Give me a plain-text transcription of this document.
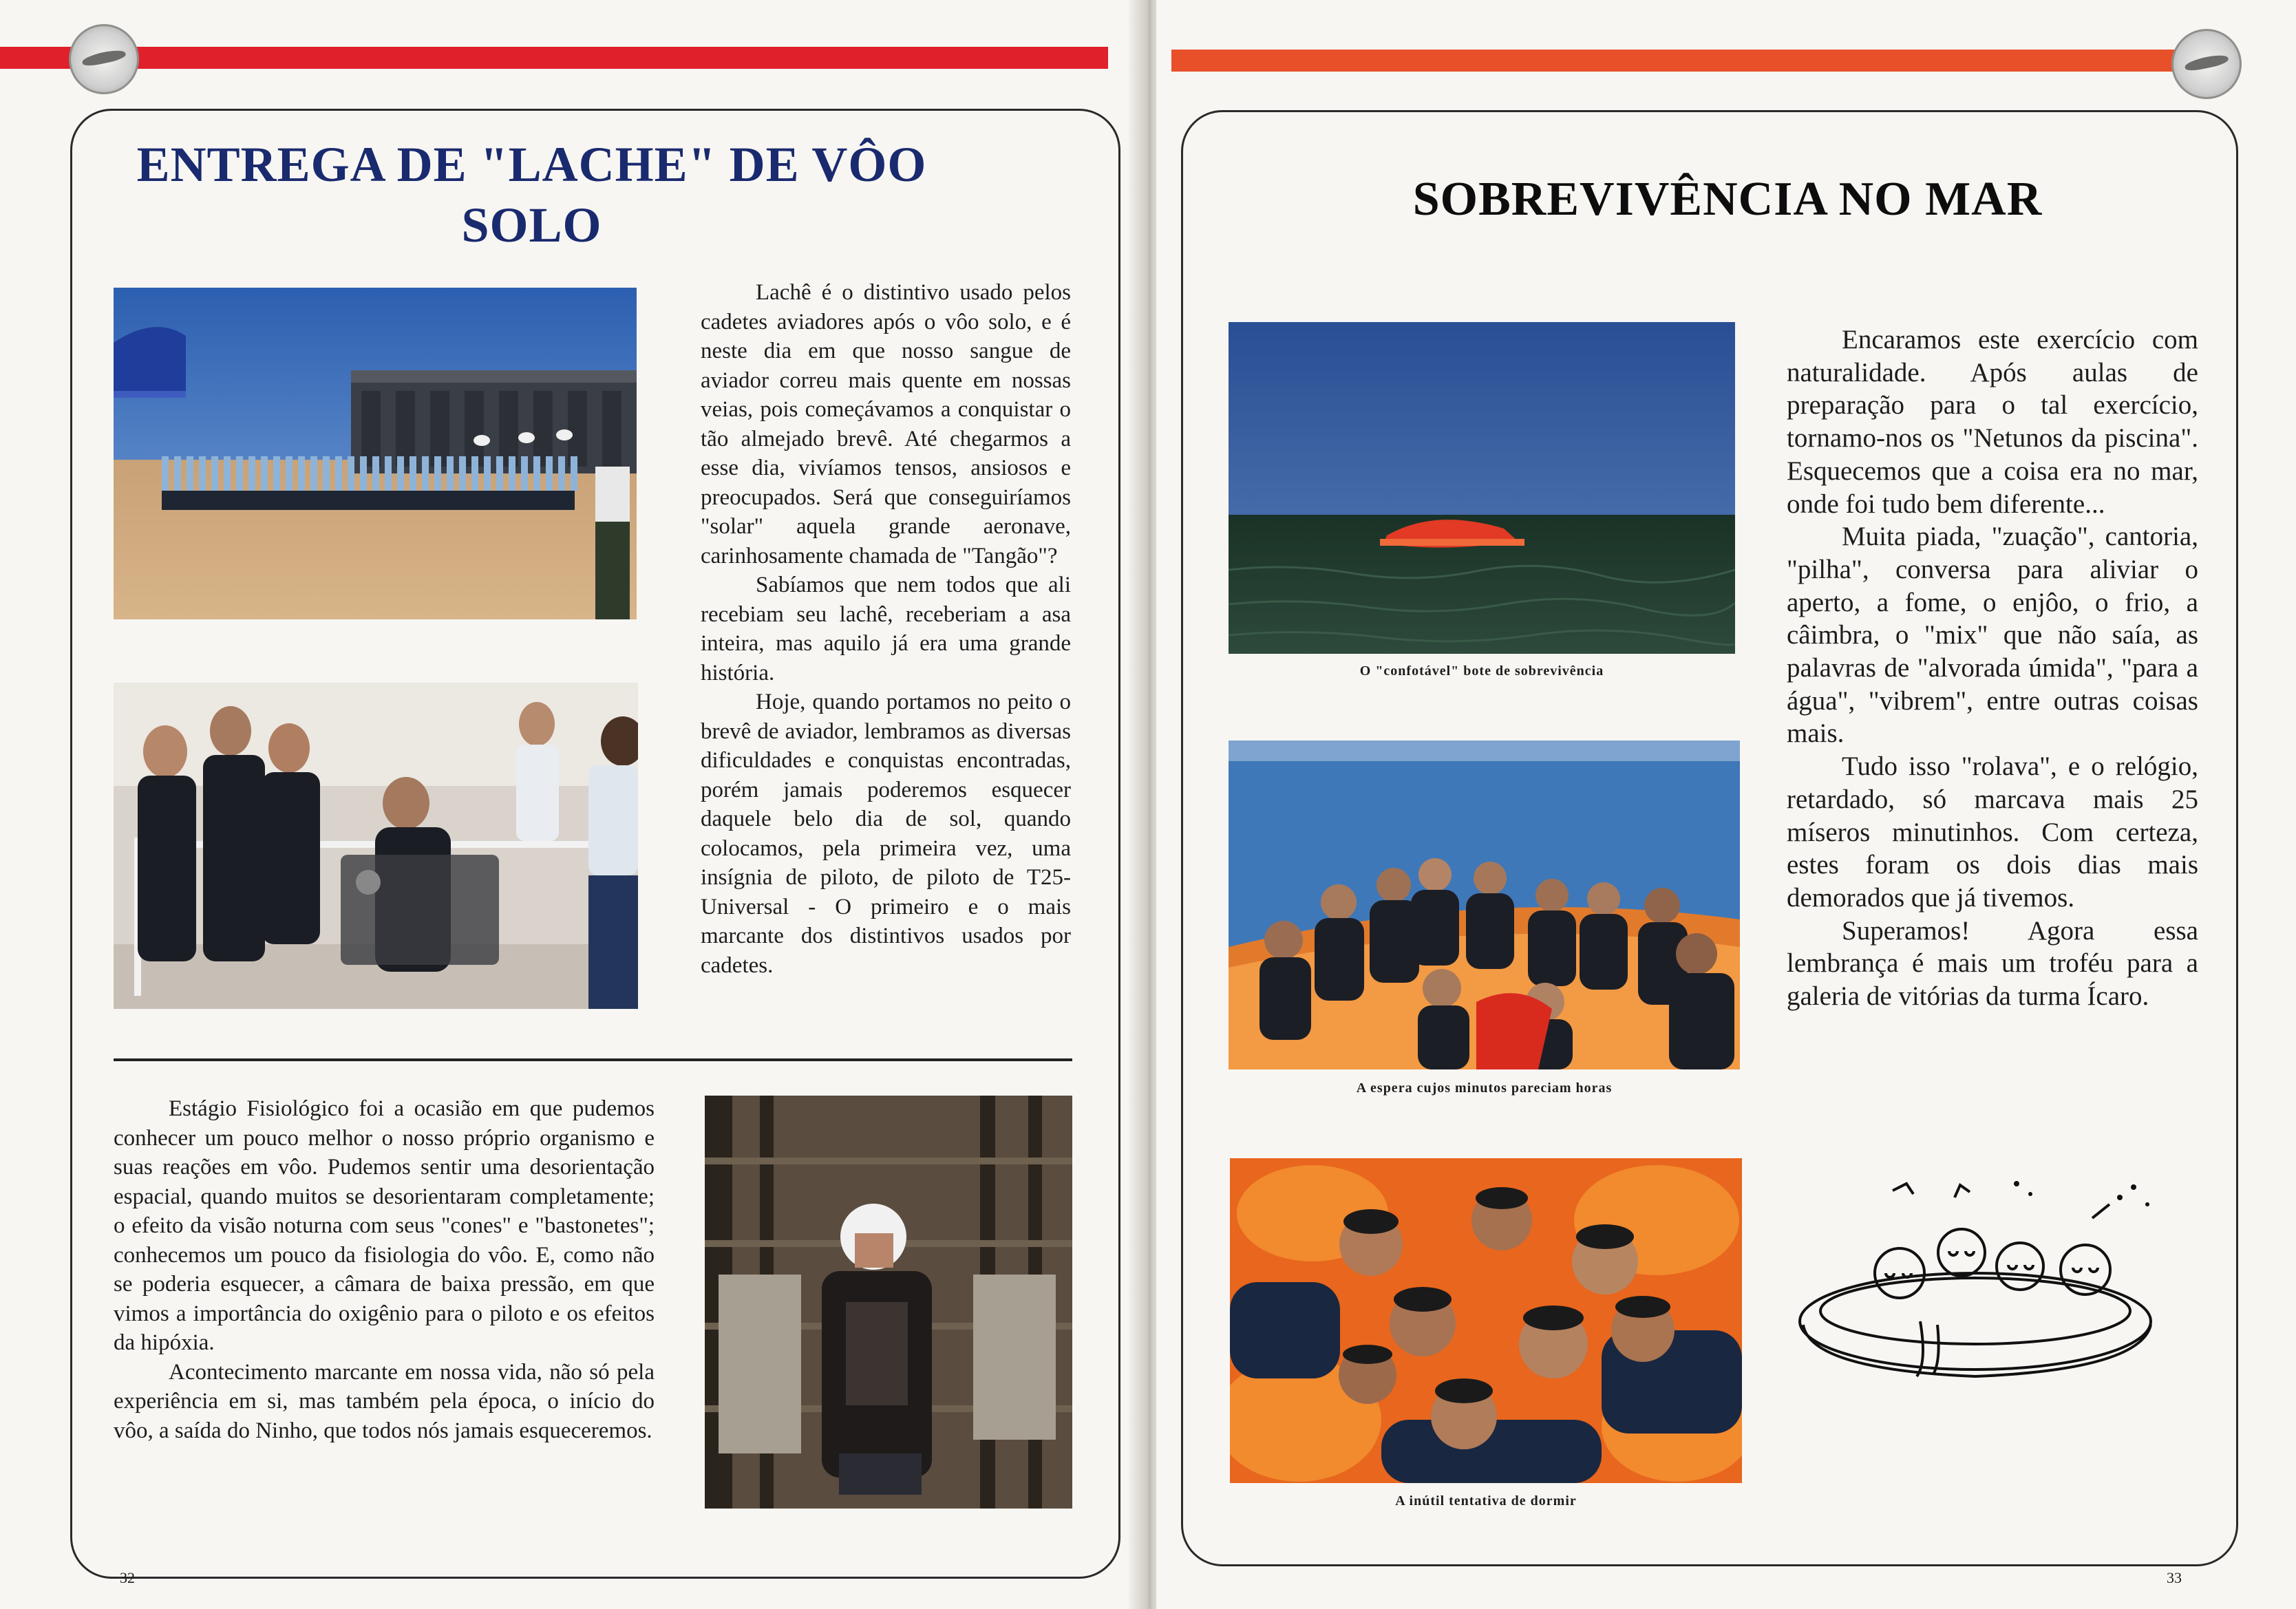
ENTREGA DE "LACHE" DE VÔO
SOLO

Lachê é o distintivo usado pelos cadetes aviadores após o vôo solo, e é neste dia em que nosso sangue de aviador correu mais quente em nossas veias, pois começávamos a conquistar o tão almejado brevê. Até chegarmos a esse dia, vivíamos tensos, ansiosos e preocupados. Será que conseguiríamos "solar" aquela grande aeronave, carinhosamente chamada de "Tangão"?

Sabíamos que nem todos que ali recebiam seu lachê, receberiam a asa inteira, mas aquilo já era uma grande história.

Hoje, quando portamos no peito o brevê de aviador, lembramos as diversas dificuldades e conquistas encontradas, porém jamais poderemos esquecer daquele belo dia de sol, quando colocamos, pela primeira vez, uma insígnia de piloto, de piloto de T25-Universal - O primeiro e o mais marcante dos distintivos usados por cadetes.

Estágio Fisiológico foi a ocasião em que pudemos conhecer um pouco melhor o nosso próprio organismo e suas reações em vôo. Pudemos sentir uma desorientação espacial, quando muitos se desorientaram completamente; o efeito da visão noturna com seus "cones" e "bastonetes"; conhecemos um pouco da fisiologia do vôo. E, como não se poderia esquecer, a câmara de baixa pressão, em que vimos a importância do oxigênio para o piloto e os efeitos da hipóxia.

Acontecimento marcante em nossa vida, não só pela experiência em si, mas também pela época, o início do vôo, a saída do Ninho, que todos nós jamais esqueceremos.

32
SOBREVIVÊNCIA NO MAR
O "confotável" bote de sobrevivência
A espera cujos minutos pareciam horas
A inútil tentativa de dormir

Encaramos este exercício com naturalidade. Após aulas de preparação para o tal exercício, tornamo-nos os "Netunos da piscina". Esquecemos que a coisa era no mar, onde foi tudo bem diferente...

Muita piada, "zuação", cantoria, "pilha", conversa para aliviar o aperto, a fome, o enjôo, o frio, a câimbra, o "mix" que não saía, as palavras de "alvorada úmida", "para a água", "vibrem", entre outras coisas mais.

Tudo isso "rolava", e o relógio, retardado, só marcava mais 25 míseros minutinhos. Com certeza, estes foram os dois dias mais demorados que já tivemos.

Superamos! Agora essa lembrança é mais um troféu para a galeria de vitórias da turma Ícaro.

33
